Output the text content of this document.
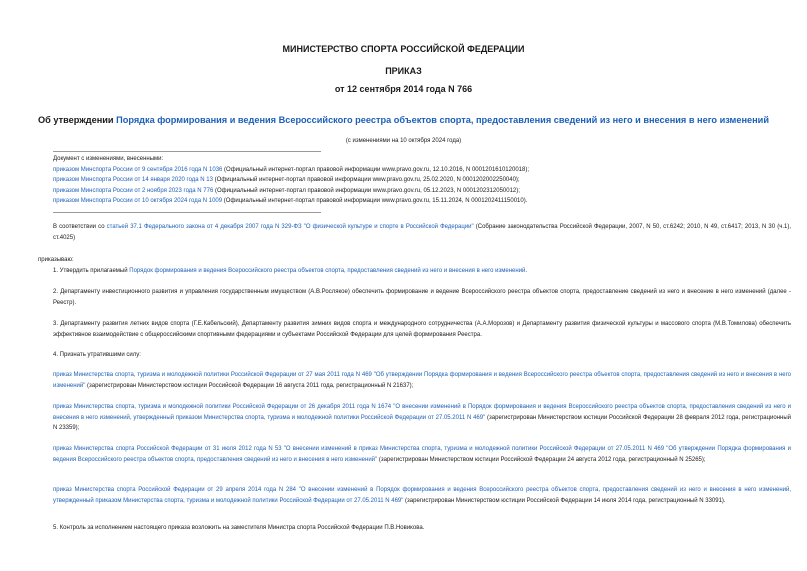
МИНИСТЕРСТВО СПОРТА РОССИЙСКОЙ ФЕДЕРАЦИИ
ПРИКАЗ
от 12 сентября 2014 года N 766
Об утверждении Порядка формирования и ведения Всероссийского реестра объектов спорта, предоставления сведений из него и внесения в него изменений
(с изменениями на 10 октября 2024 года)
Документ с изменениями, внесенными:
приказом Минспорта России от 9 сентября 2016 года N 1036 (Официальный интернет-портал правовой информации www.pravo.gov.ru, 12.10.2016, N 0001201610120018);
приказом Минспорта России от 14 января 2020 года N 13 (Официальный интернет-портал правовой информации www.pravo.gov.ru, 25.02.2020, N 0001202002250040);
приказом Минспорта России от 2 ноября 2023 года N 776 (Официальный интернет-портал правовой информации www.pravo.gov.ru, 05.12.2023, N 0001202312050012);
приказом Минспорта России от 10 октября 2024 года N 1009 (Официальный интернет-портал правовой информации www.pravo.gov.ru, 15.11.2024, N 0001202411150010).
В соответствии со статьей 37.1 Федерального закона от 4 декабря 2007 года N 329-ФЗ "О физической культуре и спорте в Российской Федерации" (Собрание законодательства Российской Федерации, 2007, N 50, ст.6242; 2010, N 49, ст.6417; 2013, N 30 (ч.1), ст.4025)
приказываю:
1. Утвердить прилагаемый Порядок формирования и ведения Всероссийского реестра объектов спорта, предоставления сведений из него и внесения в него изменений.
2. Департаменту инвестиционного развития и управления государственным имуществом (А.В.Рослякое) обеспечить формирование и ведение Всероссийского реестра объектов спорта, предоставление сведений из него и внесение в него изменений (далее - Реестр).
3. Департаменту развития летних видов спорта (Г.Е.Кабельский), Департаменту развития зимних видов спорта и международного сотрудничества (А.А.Морозов) и Департаменту развития физической культуры и массового спорта (М.В.Томилова) обеспечить эффективное взаимодействие с общероссийскими спортивными федерациями и субъектами Российской Федерации для целей формирования Реестра.
4. Признать утратившими силу:
приказ Министерства спорта, туризма и молодежной политики Российской Федерации от 27 мая 2011 года N 469 "Об утверждении Порядка формирования и ведения Всероссийского реестра объектов спорта, предоставления сведений из него и внесения в него изменений" (зарегистрирован Министерством юстиции Российской Федерации 16 августа 2011 года, регистрационный N 21637);
приказ Министерства спорта, туризма и молодежной политики Российской Федерации от 26 декабря 2011 года N 1674 "О внесении изменений в Порядок формирования и ведения Всероссийского реестра объектов спорта, предоставления сведений из него и внесения в него изменений, утвержденный приказом Министерства спорта, туризма и молодежной политики Российской Федерации от 27.05.2011 N 469" (зарегистрирован Министерством юстиции Российской Федерации 28 февраля 2012 года, регистрационный N 23359);
приказ Министерства спорта Российской Федерации от 31 июля 2012 года N 53 "О внесении изменений в приказ Министерства спорта, туризма и молодежной политики Российской Федерации от 27.05.2011 N 469 "Об утверждении Порядка формирования и ведения Всероссийского реестра объектов спорта, предоставления сведений из него и внесения в него изменений" (зарегистрирован Министерством юстиции Российской Федерации 24 августа 2012 года, регистрационный N 25265);
приказ Министерства спорта Российской Федерации от 29 апреля 2014 года N 284 "О внесении изменений в Порядок формирования и ведения Всероссийского реестра объектов спорта, предоставления сведений из него и внесения в него изменений, утвержденный приказом Министерства спорта, туризма и молодежной политики Российской Федерации от 27.05.2011 N 469" (зарегистрирован Министерством юстиции Российской Федерации 14 июля 2014 года, регистрационный N 33091).
5. Контроль за исполнением настоящего приказа возложить на заместителя Министра спорта Российской Федерации П.В.Новикова.
